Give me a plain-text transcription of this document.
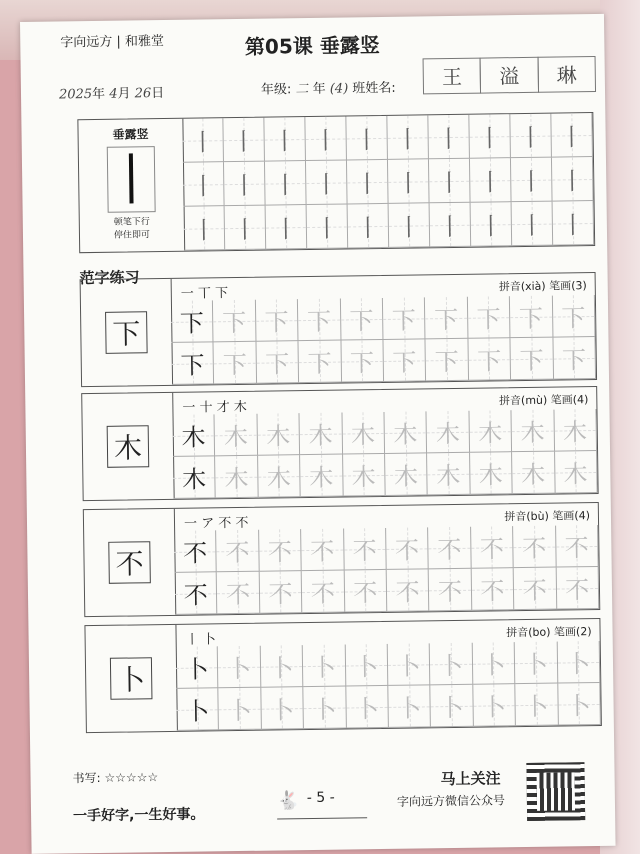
字向远方 | 和雅堂	第05课 垂露竖
2025年 4月 26日	年级: 二 年 (4) 班姓名:	王	溢	琳
垂露竖
顿笔下行
停住即可
丨 丨 丨 丨 丨 丨 丨 丨 丨 丨
丨 丨 丨 丨 丨 丨 丨 丨 丨 丨
丨 丨 丨 丨 丨 丨 丨 丨 丨 丨
范字练习
下
一 丅 下	拼音(xià) 笔画(3)
下 下 下 下 下 下 下 下 下 下
下 下 下 下 下 下 下 下 下 下
木
一 十 才 木	拼音(mù) 笔画(4)
木 木 木 木 木 木 木 木 木 木
木 木 木 木 木 木 木 木 木 木
不
一 ア 不 不	拼音(bù) 笔画(4)
不 不 不 不 不 不 不 不 不 不
不 不 不 不 不 不 不 不 不 不
卜
丨 卜
拼音(bo) 笔画(2)
卜 卜 卜 卜 卜 卜 卜 卜 卜 卜
卜 卜 卜 卜 卜 卜 卜 卜 卜 卜
书写: ☆☆☆☆☆
一手好字,一生好事。
🐇 - 5 -
马上关注
字向远方微信公众号
